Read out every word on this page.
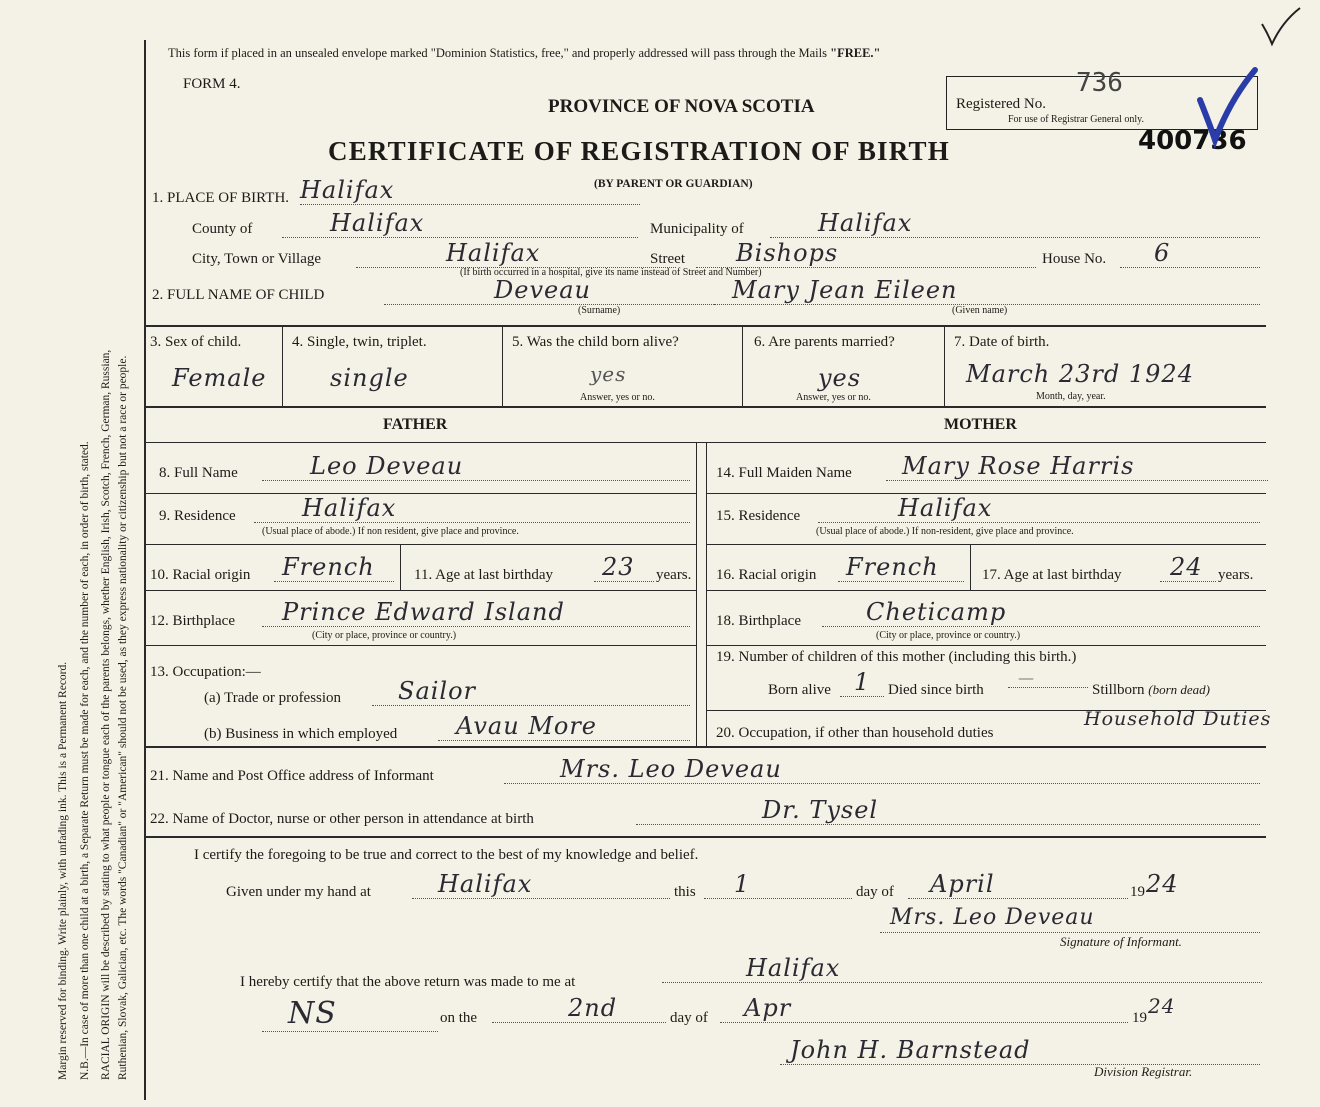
Margin reserved for binding. Write plainly, with unfading ink. This is a Permanent Record. N.B.—In case of more than one child at a birth, a Separate Return must be made for each, and the number of each, in order of birth, stated. RACIAL ORIGIN will be described by stating to what people or tongue each of the parents belongs, whether English, Irish, Scotch, French, German, Russian, Ruthenian, Slovak, Galician, etc. The words "Canadian" or "American" should not be used, as they express nationality or citizenship but not a race or people.
This form if placed in an unsealed envelope marked "Dominion Statistics, free," and properly addressed will pass through the Mails "FREE."
FORM 4.
PROVINCE OF NOVA SCOTIA
CERTIFICATE OF REGISTRATION OF BIRTH
(BY PARENT OR GUARDIAN)
Registered No.
736
For use of Registrar General only.
400736
1. PLACE OF BIRTH. Halifax
County of	Halifax	Municipality of	Halifax
City, Town or Village	Halifax	Street	Bishops	House No.	6
(If birth occurred in a hospital, give its name instead of Street and Number)
2. FULL NAME OF CHILD	Deveau	Mary Jean Eileen
(Surname)	(Given name)
3. Sex of child.
Female
4. Single, twin, triplet.
single
5. Was the child born alive?
yes
Answer, yes or no.
6. Are parents married?
yes
Answer, yes or no.
7. Date of birth.
March 23rd 1924
Month, day, year.
FATHER	MOTHER
8. Full Name	Leo Deveau
9. Residence	Halifax
(Usual place of abode.) If non resident, give place and province.
10. Racial origin	French	11. Age at last birthday	23	years.
12. Birthplace	Prince Edward Island
(City or place, province or country.)
13. Occupation:—
(a) Trade or profession	Sailor
(b) Business in which employed	Avau More
14. Full Maiden Name	Mary Rose Harris
15. Residence	Halifax
(Usual place of abode.) If non-resident, give place and province.
16. Racial origin	French	17. Age at last birthday	24	years.
18. Birthplace	Cheticamp
(City or place, province or country.)
19. Number of children of this mother (including this birth.)
Born alive 1	Died since birth
—
Stillborn (born dead)
20. Occupation, if other than household duties
Household Duties
21. Name and Post Office address of Informant	Mrs. Leo Deveau
22. Name of Doctor, nurse or other person in attendance at birth	Dr. Tysel
I certify the foregoing to be true and correct to the best of my knowledge and belief.
Given under my hand at	Halifax	this	1	day of	April	19 24
Mrs. Leo Deveau
Signature of Informant.
I hereby certify that the above return was made to me at	Halifax
NS	on the	2nd	day of	Apr	19 24
John H. Barnstead
Division Registrar.
